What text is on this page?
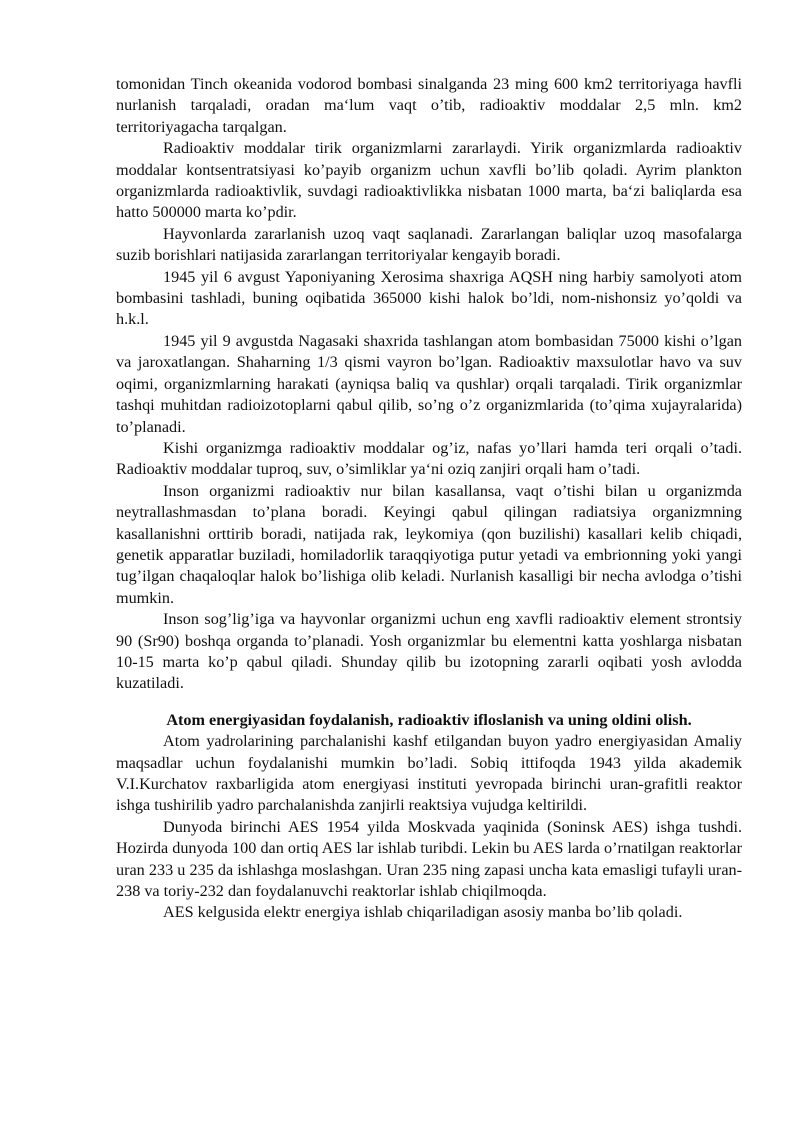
tomonidan Tinch okeanida vodorod bombasi sinalganda 23 ming 600 km2 territoriyaga havfli nurlanish tarqaladi, oradan ma‘lum vaqt o’tib, radioaktiv moddalar 2,5 mln. km2 territoriyagacha tarqalgan.

Radioaktiv moddalar tirik organizmlarni zararlaydi. Yirik organizmlarda radioaktiv moddalar kontsentratsiyasi ko’payib organizm uchun xavfli bo’lib qoladi. Ayrim plankton organizmlarda radioaktivlik, suvdagi radioaktivlikka nisbatan 1000 marta, ba‘zi baliqlarda esa hatto 500000 marta ko’pdir.

Hayvonlarda zararlanish uzoq vaqt saqlanadi. Zararlangan baliqlar uzoq masofalarga suzib borishlari natijasida zararlangan territoriyalar kengayib boradi.

1945 yil 6 avgust Yaponiyaning Xerosima shaxriga AQSH ning harbiy samolyoti atom bombasini tashladi, buning oqibatida 365000 kishi halok bo’ldi, nom-nishonsiz yo’qoldi va h.k.l.

1945 yil 9 avgustda Nagasaki shaxrida tashlangan atom bombasidan 75000 kishi o’lgan va jaroxatlangan. Shaharning 1/3 qismi vayron bo’lgan. Radioaktiv maxsulotlar havo va suv oqimi, organizmlarning harakati (ayniqsa baliq va qushlar) orqali tarqaladi. Tirik organizmlar tashqi muhitdan radioizotoplarni qabul qilib, so’ng o’z organizmlarida (to’qima xujayralarida) to’planadi.

Kishi organizmga radioaktiv moddalar og’iz, nafas yo’llari hamda teri orqali o’tadi. Radioaktiv moddalar tuproq, suv, o’simliklar ya‘ni oziq zanjiri orqali ham o’tadi.

Inson organizmi radioaktiv nur bilan kasallansa, vaqt o’tishi bilan u organizmda neytrallashmasdan to’plana boradi. Keyingi qabul qilingan radiatsiya organizmning kasallanishni orttirib boradi, natijada rak, leykomiya (qon buzilishi) kasallari kelib chiqadi, genetik apparatlar buziladi, homiladorlik taraqqiyotiga putur yetadi va embrionning yoki yangi tug’ilgan chaqaloqlar halok bo’lishiga olib keladi. Nurlanish kasalligi bir necha avlodga o’tishi mumkin.

Inson sog’lig’iga va hayvonlar organizmi uchun eng xavfli radioaktiv element strontsiy 90 (Sr90) boshqa organda to’planadi. Yosh organizmlar bu elementni katta yoshlarga nisbatan 10-15 marta ko’p qabul qiladi. Shunday qilib bu izotopning zararli oqibati yosh avlodda kuzatiladi.

Atom energiyasidan foydalanish, radioaktiv ifloslanish va uning oldini olish.

Atom yadrolarining parchalanishi kashf etilgandan buyon yadro energiyasidan Amaliy maqsadlar uchun foydalanishi mumkin bo’ladi. Sobiq ittifoqda 1943 yilda akademik V.I.Kurchatov raxbarligida atom energiyasi instituti yevropada birinchi uran-grafitli reaktor ishga tushirilib yadro parchalanishda zanjirli reaktsiya vujudga keltirildi.

Dunyoda birinchi AES 1954 yilda Moskvada yaqinida (Soninsk AES) ishga tushdi. Hozirda dunyoda 100 dan ortiq AES lar ishlab turibdi. Lekin bu AES larda o’rnatilgan reaktorlar uran 233 u 235 da ishlashga moslashgan. Uran 235 ning zapasi uncha kata emasligi tufayli uran-238 va toriy-232 dan foydalanuvchi reaktorlar ishlab chiqilmoqda.

AES kelgusida elektr energiya ishlab chiqariladigan asosiy manba bo’lib qoladi.
